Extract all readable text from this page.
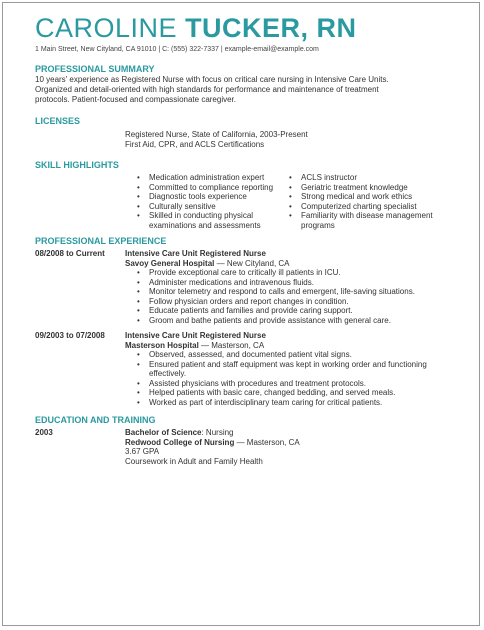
CAROLINE TUCKER, RN
1 Main Street, New Cityland, CA 91010 | C: (555) 322-7337 | example-email@example.com
PROFESSIONAL SUMMARY
10 years' experience as Registered Nurse with focus on critical care nursing in Intensive Care Units.
Organized and detail-oriented with high standards for performance and maintenance of treatment
protocols. Patient-focused and compassionate caregiver.
LICENSES
Registered Nurse, State of California, 2003-Present
First Aid, CPR, and ACLS Certifications
SKILL HIGHLIGHTS
• Medication administration expert
• Committed to compliance reporting
• Diagnostic tools experience
• Culturally sensitive
• Skilled in conducting physical examinations and assessments
• ACLS instructor
• Geriatric treatment knowledge
• Strong medical and work ethics
• Computerized charting specialist
• Familiarity with disease management programs
PROFESSIONAL EXPERIENCE
08/2008 to Current	Intensive Care Unit Registered Nurse
Savoy General Hospital — New Cityland, CA
• Provide exceptional care to critically ill patients in ICU.
• Administer medications and intravenous fluids.
• Monitor telemetry and respond to calls and emergent, life-saving situations.
• Follow physician orders and report changes in condition.
• Educate patients and families and provide caring support.
• Groom and bathe patients and provide assistance with general care.
09/2003 to 07/2008	Intensive Care Unit Registered Nurse
Masterson Hospital — Masterson, CA
• Observed, assessed, and documented patient vital signs.
• Ensured patient and staff equipment was kept in working order and functioning effectively.
• Assisted physicians with procedures and treatment protocols.
• Helped patients with basic care, changed bedding, and served meals.
• Worked as part of interdisciplinary team caring for critical patients.
EDUCATION AND TRAINING
2003	Bachelor of Science: Nursing
Redwood College of Nursing — Masterson, CA
3.67 GPA
Coursework in Adult and Family Health
